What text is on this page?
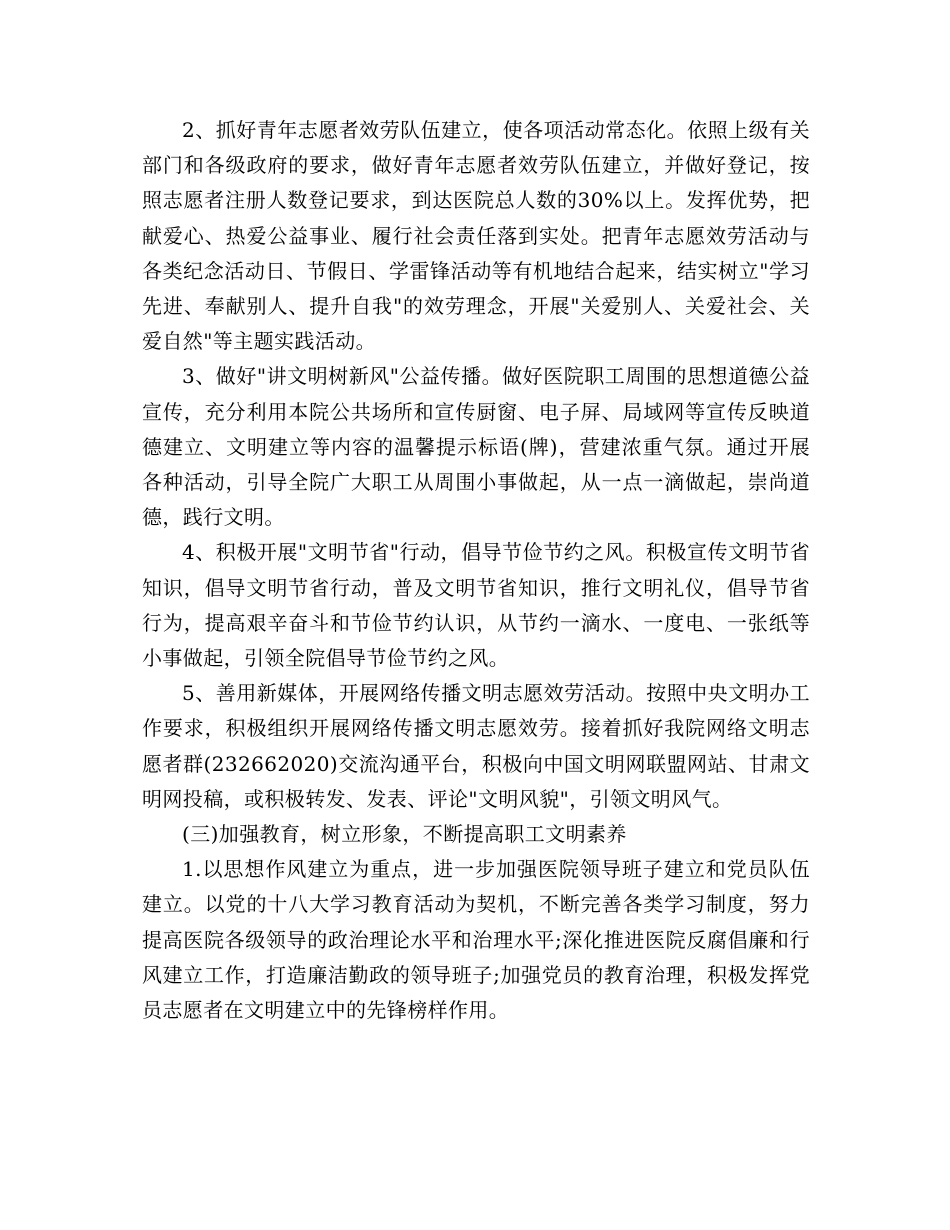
2、抓好青年志愿者效劳队伍建立，使各项活动常态化。依照上级有关部门和各级政府的要求，做好青年志愿者效劳队伍建立，并做好登记，按照志愿者注册人数登记要求，到达医院总人数的30%以上。发挥优势，把献爱心、热爱公益事业、履行社会责任落到实处。把青年志愿效劳活动与各类纪念活动日、节假日、学雷锋活动等有机地结合起来，结实树立"学习先进、奉献别人、提升自我"的效劳理念，开展"关爱别人、关爱社会、关爱自然"等主题实践活动。

3、做好"讲文明树新风"公益传播。做好医院职工周围的思想道德公益宣传，充分利用本院公共场所和宣传厨窗、电子屏、局域网等宣传反映道德建立、文明建立等内容的温馨提示标语(牌)，营建浓重气氛。通过开展各种活动，引导全院广大职工从周围小事做起，从一点一滴做起，崇尚道德，践行文明。

4、积极开展"文明节省"行动，倡导节俭节约之风。积极宣传文明节省知识，倡导文明节省行动，普及文明节省知识，推行文明礼仪，倡导节省行为，提高艰辛奋斗和节俭节约认识，从节约一滴水、一度电、一张纸等小事做起，引领全院倡导节俭节约之风。

5、善用新媒体，开展网络传播文明志愿效劳活动。按照中央文明办工作要求，积极组织开展网络传播文明志愿效劳。接着抓好我院网络文明志愿者群(232662020)交流沟通平台，积极向中国文明网联盟网站、甘肃文明网投稿，或积极转发、发表、评论"文明风貌"，引领文明风气。

(三)加强教育，树立形象，不断提高职工文明素养

1.以思想作风建立为重点，进一步加强医院领导班子建立和党员队伍建立。以党的十八大学习教育活动为契机，不断完善各类学习制度，努力提高医院各级领导的政治理论水平和治理水平;深化推进医院反腐倡廉和行风建立工作，打造廉洁勤政的领导班子;加强党员的教育治理，积极发挥党员志愿者在文明建立中的先锋榜样作用。
